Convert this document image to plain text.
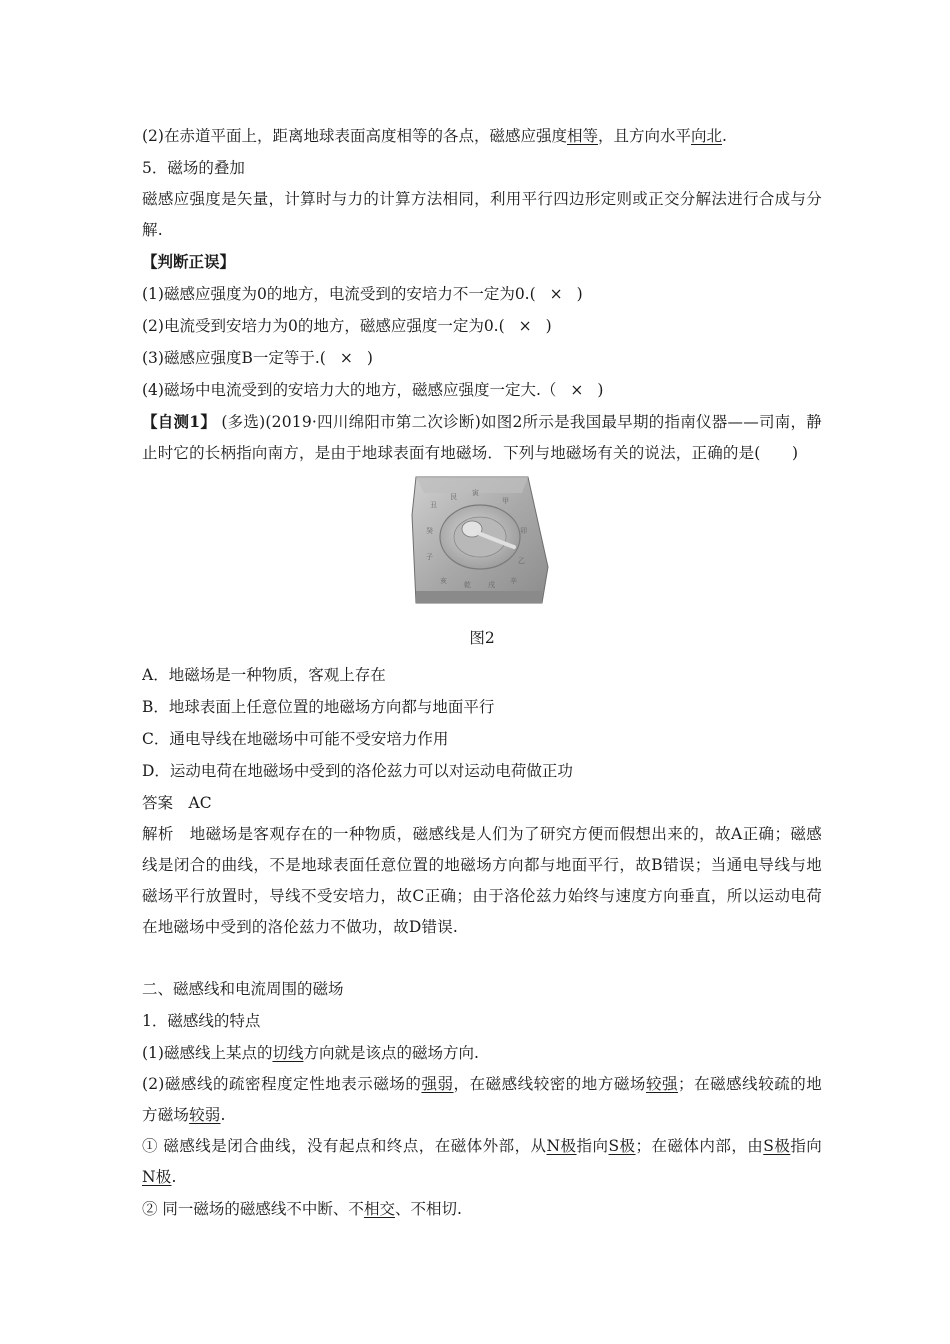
(2)在赤道平面上，距离地球表面高度相等的各点，磁感应强度相等，且方向水平向北.
5．磁场的叠加
磁感应强度是矢量，计算时与力的计算方法相同，利用平行四边形定则或正交分解法进行合成与分解.
【判断正误】
(1)磁感应强度为0的地方，电流受到的安培力不一定为0.( × )
(2)电流受到安培力为0的地方，磁感应强度一定为0.( × )
(3)磁感应强度B一定等于.( × )
(4)磁场中电流受到的安培力大的地方，磁感应强度一定大.（ × )
【自测1】 (多选)(2019·四川绵阳市第二次诊断)如图2所示是我国最早期的指南仪器——司南，静止时它的长柄指向南方，是由于地球表面有地磁场．下列与地磁场有关的说法，正确的是(　　)
丑
艮 寅
甲
癸
子
卯
乙
亥 乾 戌 辛
图2
A．地磁场是一种物质，客观上存在
B．地球表面上任意位置的地磁场方向都与地面平行
C．通电导线在地磁场中可能不受安培力作用
D．运动电荷在地磁场中受到的洛伦兹力可以对运动电荷做正功
答案　AC
解析　地磁场是客观存在的一种物质，磁感线是人们为了研究方便而假想出来的，故A正确；磁感线是闭合的曲线，不是地球表面任意位置的地磁场方向都与地面平行，故B错误；当通电导线与地磁场平行放置时，导线不受安培力，故C正确；由于洛伦兹力始终与速度方向垂直，所以运动电荷在地磁场中受到的洛伦兹力不做功，故D错误.
二、磁感线和电流周围的磁场
1．磁感线的特点
(1)磁感线上某点的切线方向就是该点的磁场方向.
(2)磁感线的疏密程度定性地表示磁场的强弱，在磁感线较密的地方磁场较强；在磁感线较疏的地方磁场较弱.
① 磁感线是闭合曲线，没有起点和终点，在磁体外部，从N极指向S极；在磁体内部，由S极指向N极.
② 同一磁场的磁感线不中断、不相交、不相切.
